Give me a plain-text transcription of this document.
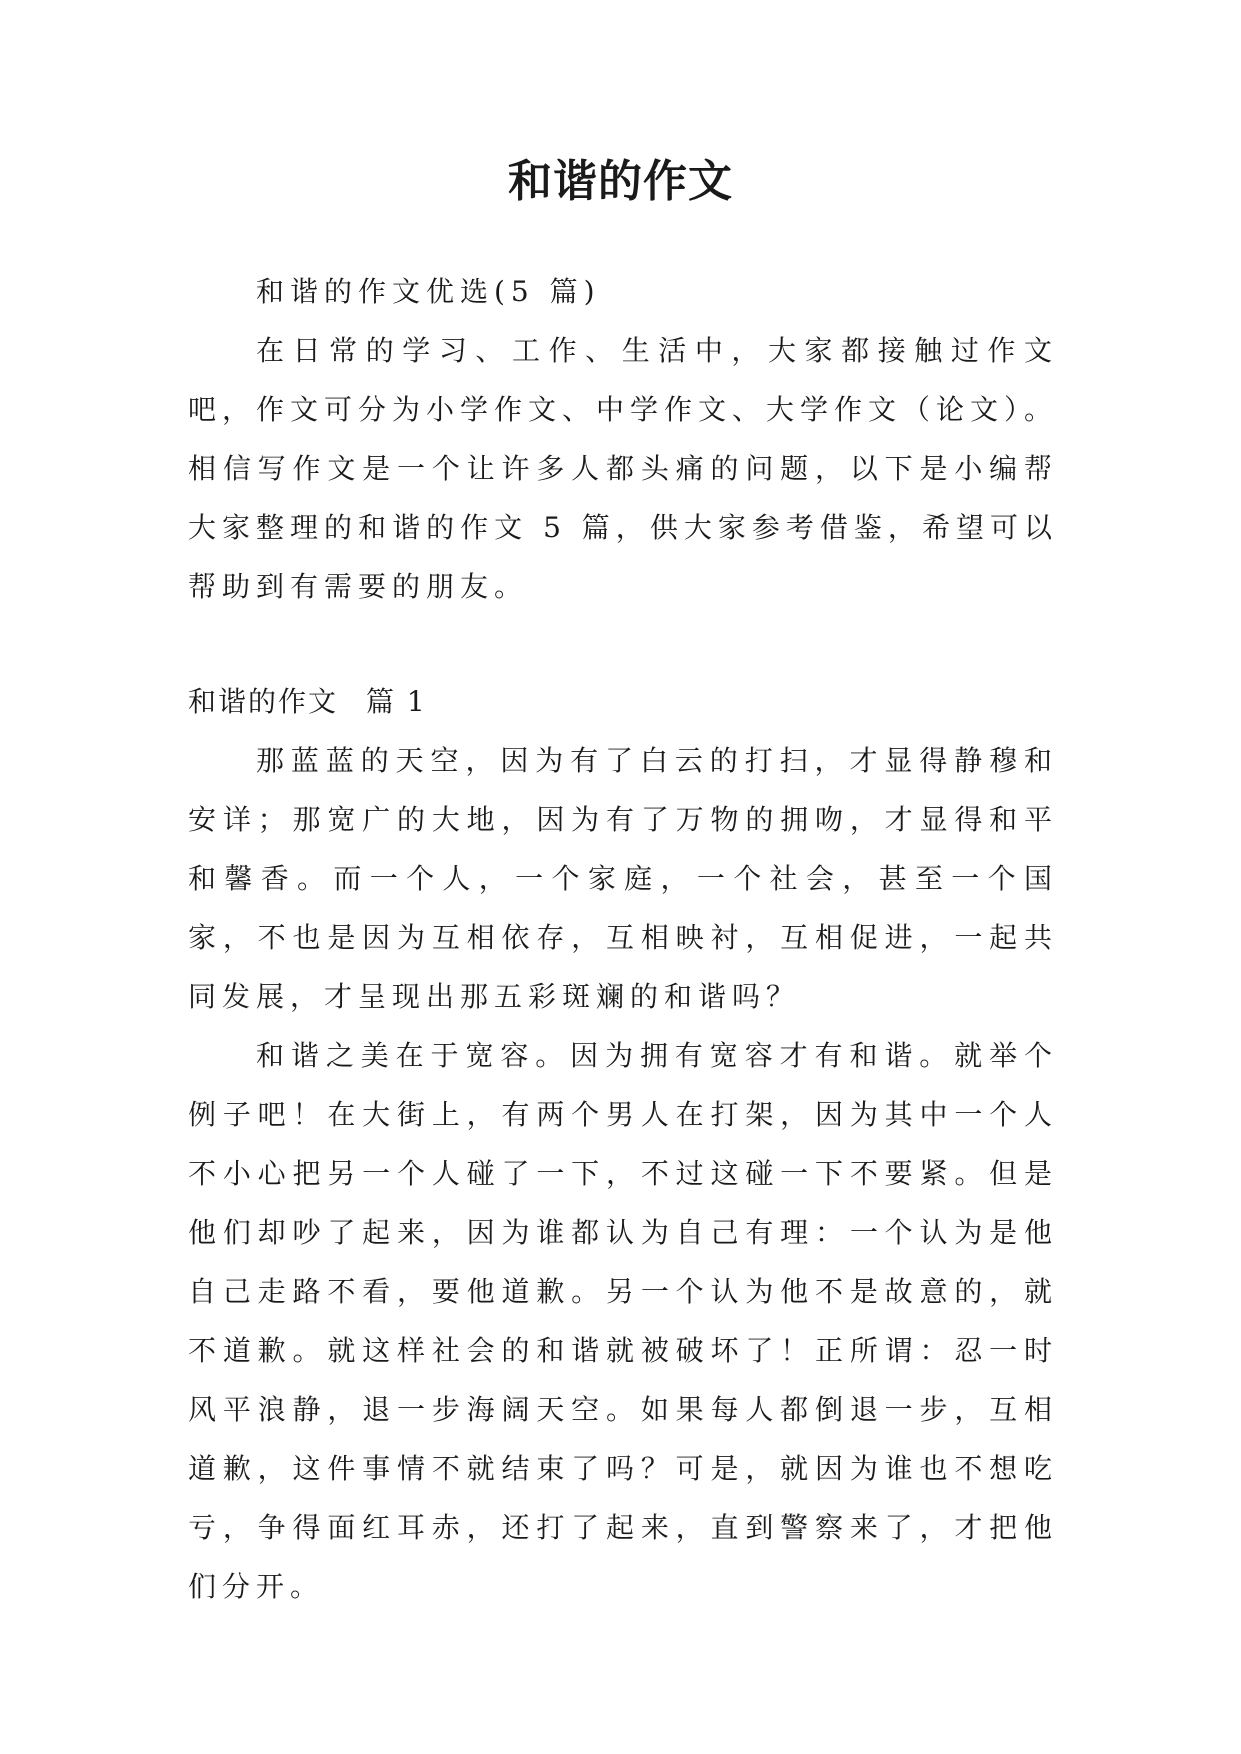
和谐的作文

和谐的作文优选(5 篇)

在日常的学习、工作、生活中，大家都接触过作文吧，作文可分为小学作文、中学作文、大学作文（论文）。相信写作文是一个让许多人都头痛的问题，以下是小编帮大家整理的和谐的作文 5 篇，供大家参考借鉴，希望可以帮助到有需要的朋友。

和谐的作文 篇 1

那蓝蓝的天空，因为有了白云的打扫，才显得静穆和安详；那宽广的大地，因为有了万物的拥吻，才显得和平和馨香。而一个人，一个家庭，一个社会，甚至一个国家，不也是因为互相依存，互相映衬，互相促进，一起共同发展，才呈现出那五彩斑斓的和谐吗？

和谐之美在于宽容。因为拥有宽容才有和谐。就举个例子吧！在大街上，有两个男人在打架，因为其中一个人不小心把另一个人碰了一下，不过这碰一下不要紧。但是他们却吵了起来，因为谁都认为自己有理：一个认为是他自己走路不看，要他道歉。另一个认为他不是故意的，就不道歉。就这样社会的和谐就被破坏了！正所谓：忍一时风平浪静，退一步海阔天空。如果每人都倒退一步，互相道歉，这件事情不就结束了吗？可是，就因为谁也不想吃亏，争得面红耳赤，还打了起来，直到警察来了，才把他们分开。
